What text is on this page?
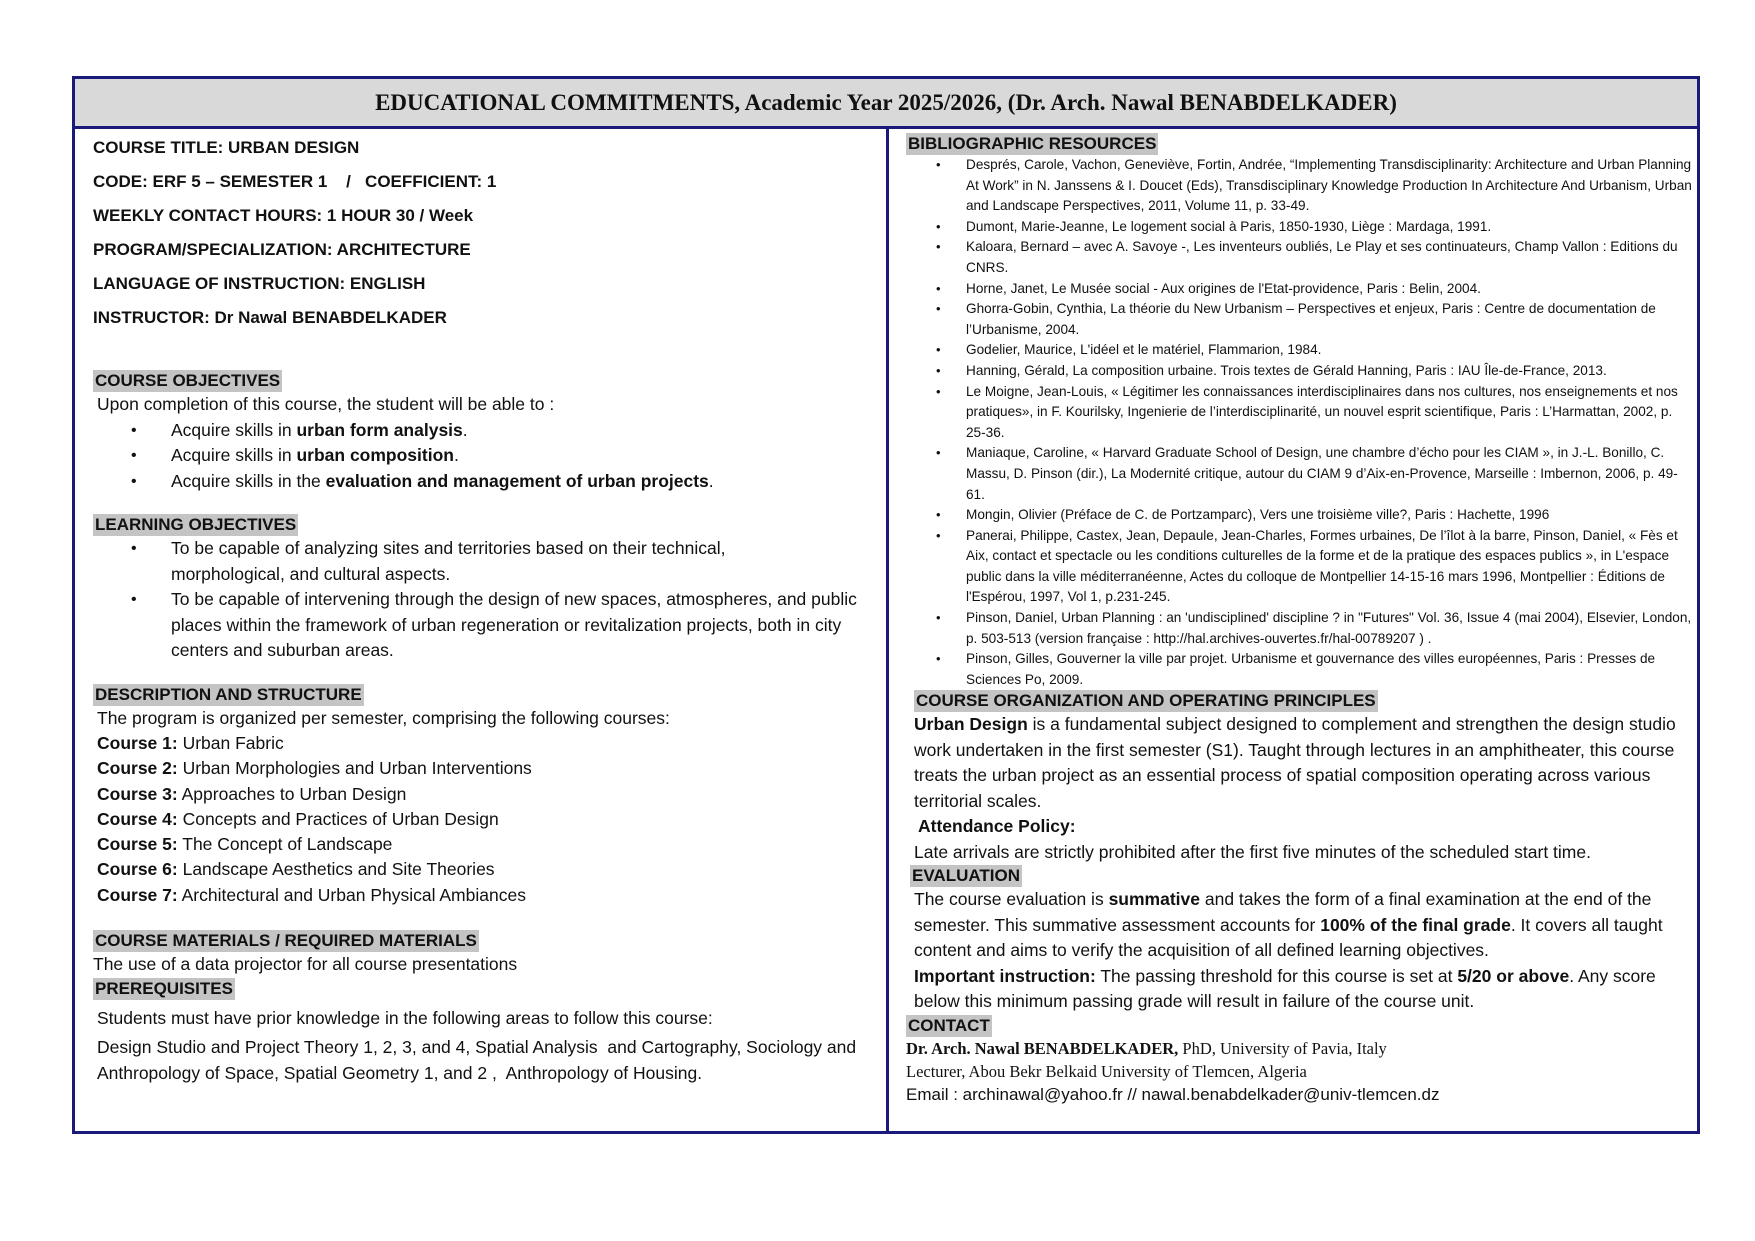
EDUCATIONAL COMMITMENTS, Academic Year 2025/2026, (Dr. Arch. Nawal BENABDELKADER)

COURSE TITLE: URBAN DESIGN

CODE: ERF 5 – SEMESTER 1    /   COEFFICIENT: 1

WEEKLY CONTACT HOURS: 1 HOUR 30 / Week

PROGRAM/SPECIALIZATION: ARCHITECTURE

LANGUAGE OF INSTRUCTION: ENGLISH

INSTRUCTOR: Dr Nawal BENABDELKADER

COURSE OBJECTIVES

Upon completion of this course, the student will be able to :

• Acquire skills in urban form analysis.
• Acquire skills in urban composition.
• Acquire skills in the evaluation and management of urban projects.
LEARNING OBJECTIVES
• To be capable of analyzing sites and territories based on their technical, morphological, and cultural aspects.
• To be capable of intervening through the design of new spaces, atmospheres, and public places within the framework of urban regeneration or revitalization projects, both in city centers and suburban areas.
DESCRIPTION AND STRUCTURE

The program is organized per semester, comprising the following courses:

Course 1: Urban Fabric

Course 2: Urban Morphologies and Urban Interventions

Course 3: Approaches to Urban Design

Course 4: Concepts and Practices of Urban Design

Course 5: The Concept of Landscape

Course 6: Landscape Aesthetics and Site Theories

Course 7: Architectural and Urban Physical Ambiances

COURSE MATERIALS / REQUIRED MATERIALS

The use of a data projector for all course presentations

PREREQUISITES

Students must have prior knowledge in the following areas to follow this course:

Design Studio and Project Theory 1, 2, 3, and 4, Spatial Analysis  and Cartography, Sociology and Anthropology of Space, Spatial Geometry 1, and 2 ,  Anthropology of Housing.

BIBLIOGRAPHIC RESOURCES
• Després, Carole, Vachon, Geneviève, Fortin, Andrée, “Implementing Transdisciplinarity: Architecture and Urban Planning At Work” in N. Janssens & I. Doucet (Eds), Transdisciplinary Knowledge Production In Architecture And Urbanism, Urban and Landscape Perspectives, 2011, Volume 11, p. 33-49.
• Dumont, Marie-Jeanne, Le logement social à Paris, 1850-1930, Liège : Mardaga, 1991.
• Kaloara, Bernard – avec A. Savoye -, Les inventeurs oubliés, Le Play et ses continuateurs, Champ Vallon : Editions du CNRS.
• Horne, Janet, Le Musée social - Aux origines de l'Etat-providence, Paris : Belin, 2004.
• Ghorra-Gobin, Cynthia, La théorie du New Urbanism – Perspectives et enjeux, Paris : Centre de documentation de l’Urbanisme, 2004.
• Godelier, Maurice, L'idéel et le matériel, Flammarion, 1984.
• Hanning, Gérald, La composition urbaine. Trois textes de Gérald Hanning, Paris : IAU Île-de-France, 2013.
• Le Moigne, Jean-Louis, « Légitimer les connaissances interdisciplinaires dans nos cultures, nos enseignements et nos pratiques», in F. Kourilsky, Ingenierie de l’interdisciplinarité, un nouvel esprit scientifique, Paris : L’Harmattan, 2002, p. 25-36.
• Maniaque, Caroline, « Harvard Graduate School of Design, une chambre d’écho pour les CIAM », in J.-L. Bonillo, C. Massu, D. Pinson (dir.), La Modernité critique, autour du CIAM 9 d’Aix-en-Provence, Marseille : Imbernon, 2006, p. 49-61.
• Mongin, Olivier (Préface de C. de Portzamparc), Vers une troisième ville?, Paris : Hachette, 1996
• Panerai, Philippe, Castex, Jean, Depaule, Jean-Charles, Formes urbaines, De l’îlot à la barre, Pinson, Daniel, « Fès et Aix, contact et spectacle ou les conditions culturelles de la forme et de la pratique des espaces publics », in L'espace public dans la ville méditerranéenne, Actes du colloque de Montpellier 14-15-16 mars 1996, Montpellier : Éditions de l'Espérou, 1997, Vol 1, p.231-245.
• Pinson, Daniel, Urban Planning : an 'undisciplined' discipline ? in "Futures" Vol. 36, Issue 4 (mai 2004), Elsevier, London, p. 503-513 (version française : http://hal.archives-ouvertes.fr/hal-00789207 ) .
• Pinson, Gilles, Gouverner la ville par projet. Urbanisme et gouvernance des villes européennes, Paris : Presses de Sciences Po, 2009.
COURSE ORGANIZATION AND OPERATING PRINCIPLES

Urban Design is a fundamental subject designed to complement and strengthen the design studio work undertaken in the first semester (S1). Taught through lectures in an amphitheater, this course treats the urban project as an essential process of spatial composition operating across various territorial scales.

Attendance Policy:

Late arrivals are strictly prohibited after the first five minutes of the scheduled start time.

EVALUATION

The course evaluation is summative and takes the form of a final examination at the end of the semester. This summative assessment accounts for 100% of the final grade. It covers all taught content and aims to verify the acquisition of all defined learning objectives.

Important instruction: The passing threshold for this course is set at 5/20 or above. Any score below this minimum passing grade will result in failure of the course unit.

CONTACT

Dr. Arch. Nawal BENABDELKADER, PhD, University of Pavia, Italy

Lecturer, Abou Bekr Belkaid University of Tlemcen, Algeria

Email : archinawal@yahoo.fr // nawal.benabdelkader@univ-tlemcen.dz
